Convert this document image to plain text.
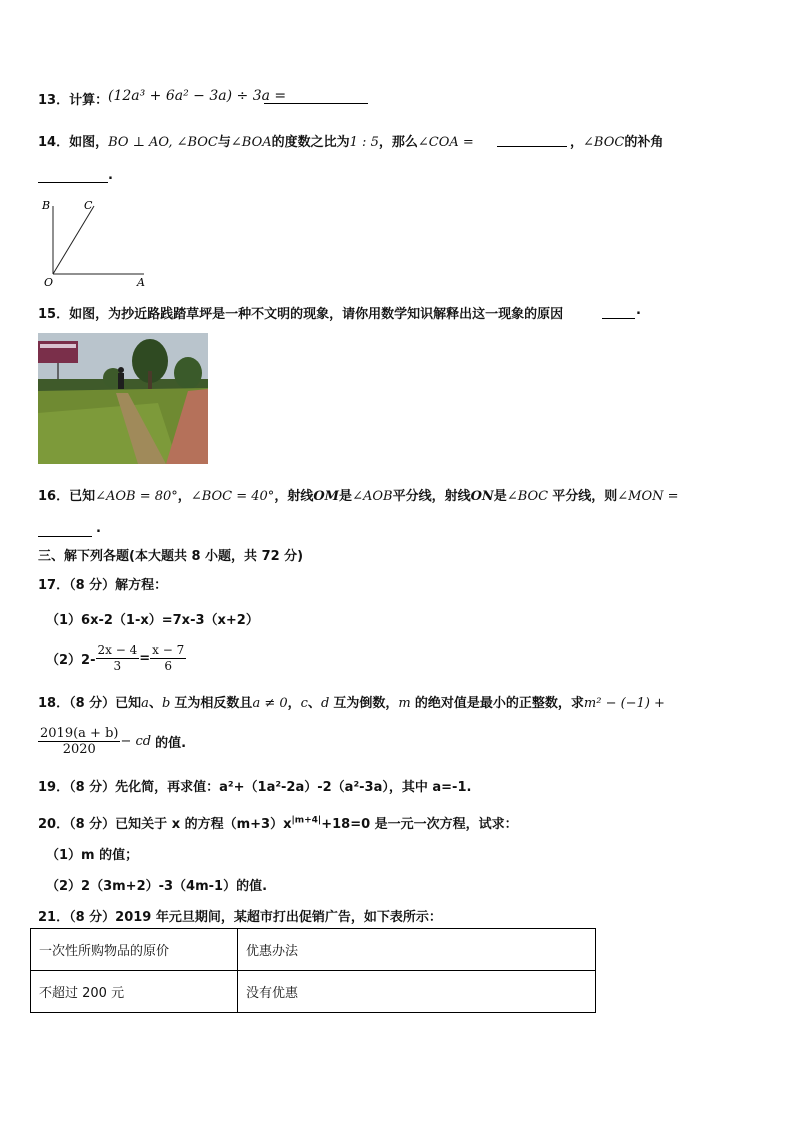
13．计算： (12a³ + 6a² − 3a) ÷ 3a =
14．如图，BO ⊥ AO, ∠BOC与∠BOA的度数之比为1 : 5，那么∠COA =	，∠BOC的补角
.
B	C
O	A
15．如图，为抄近路践踏草坪是一种不文明的现象，请你用数学知识解释出这一现象的原因	.
16．已知∠AOB = 80°，∠BOC = 40°，射线OM是∠AOB平分线，射线ON是∠BOC 平分线，则∠MON =
.
三、解下列各题(本大题共 8 小题，共 72 分)
17．（8 分）解方程：
（1）6x-2（1-x）=7x-3（x+2）
$(2)2- \frac{2x - 4}{3} = \frac{x - 7}{6}$
18．（8 分）已知a、b 互为相反数且a ≠ 0，c、d 互为倒数，m 的绝对值是最小的正整数，求m² − (−1) +
$\frac{2019(a + b)}{2020}$ − cd 的值.
19．（8 分）先化简，再求值：a²+（1a²-2a）-2（a²-3a），其中 a=-1.
20．（8 分）已知关于 x 的方程$(m+3)x^{|m+4|}+18=0$ 是一元一次方程，试求：
（1）m 的值；
（2）2（3m+2）-3（4m-1）的值.
21．（8 分）2019 年元旦期间，某超市打出促销广告，如下表所示：
一次性所购物品的原价	优惠办法
不超过 200 元	没有优惠
